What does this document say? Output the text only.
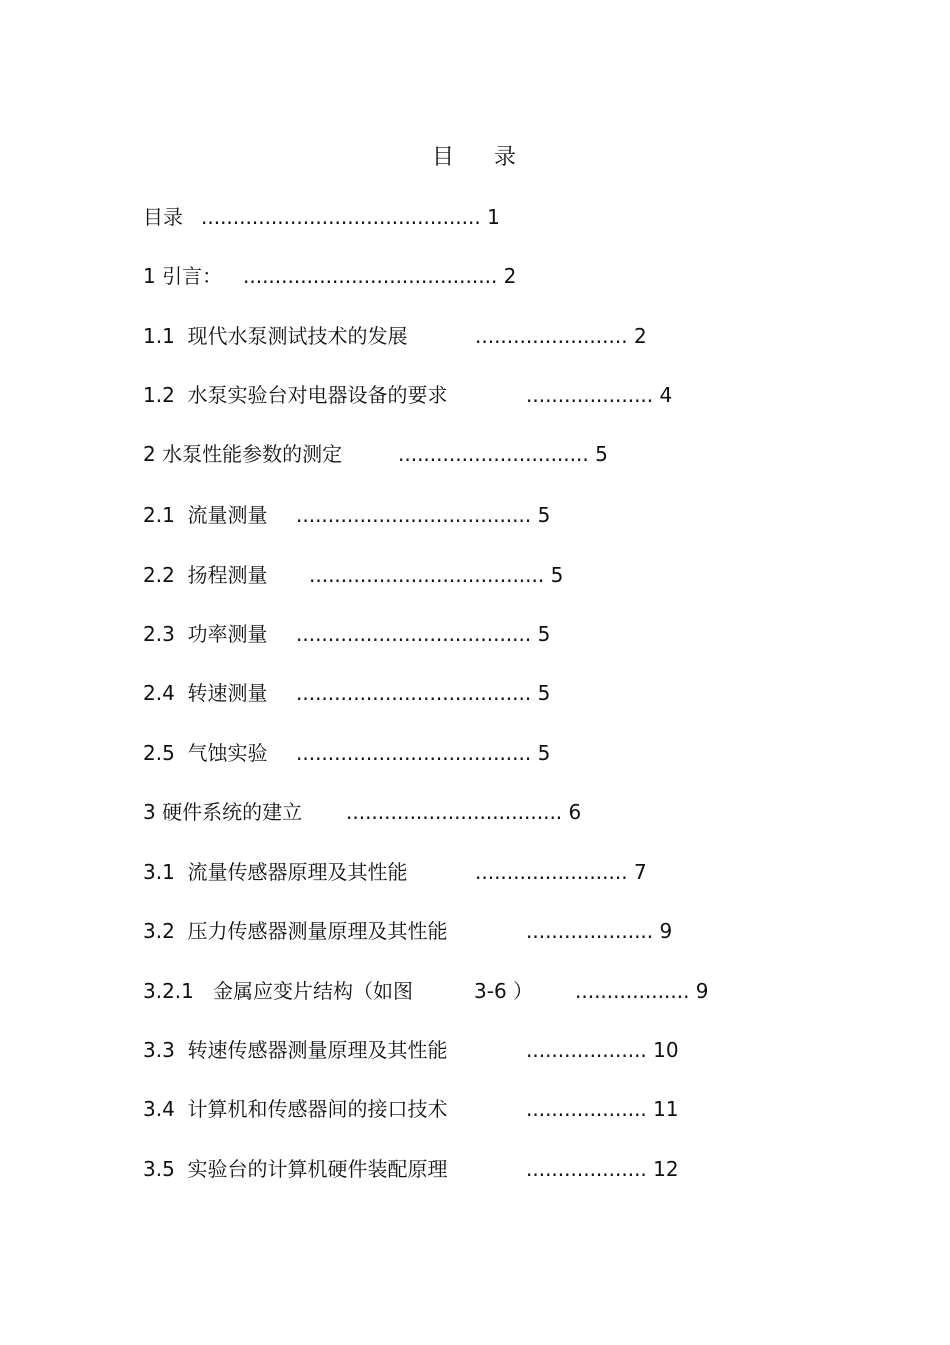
目 录
目录 ............................................ 1
1 引言： ........................................ 2
1.1 现代水泵测试技术的发展	........................ 2
1.2 水泵实验台对电器设备的要求	.................... 4
2 水泵性能参数的测定	.............................. 5
2.1 流量测量 ..................................... 5
2.2 扬程测量 ..................................... 5
2.3 功率测量 ..................................... 5
2.4 转速测量 ..................................... 5
2.5 气蚀实验 ..................................... 5
3 硬件系统的建立 .................................. 6
3.1 流量传感器原理及其性能	........................ 7
3.2 压力传感器测量原理及其性能	.................... 9
3.2.1 金属应变片结构（如图	3-6 ） .................. 9
3.3 转速传感器测量原理及其性能	................... 10
3.4 计算机和传感器间的接口技术	................... 11
3.5 实验台的计算机硬件装配原理	................... 12
